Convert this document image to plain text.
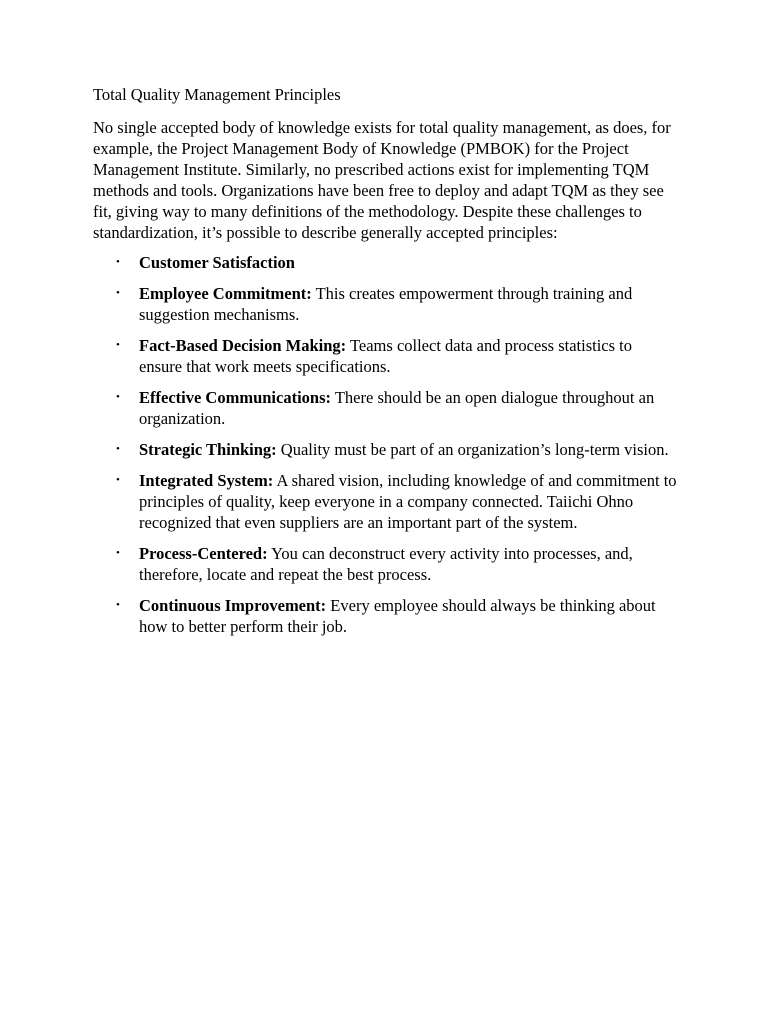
Total Quality Management Principles

No single accepted body of knowledge exists for total quality management, as does, for example, the Project Management Body of Knowledge (PMBOK) for the Project Management Institute. Similarly, no prescribed actions exist for implementing TQM methods and tools. Organizations have been free to deploy and adapt TQM as they see fit, giving way to many definitions of the methodology. Despite these challenges to standardization, it’s possible to describe generally accepted principles:

• Customer Satisfaction
• Employee Commitment: This creates empowerment through training and suggestion mechanisms.
• Fact-Based Decision Making: Teams collect data and process statistics to ensure that work meets specifications.
• Effective Communications: There should be an open dialogue throughout an organization.
• Strategic Thinking: Quality must be part of an organization’s long-term vision.
• Integrated System: A shared vision, including knowledge of and commitment to principles of quality, keep everyone in a company connected. Taiichi Ohno recognized that even suppliers are an important part of the system.
• Process-Centered: You can deconstruct every activity into processes, and, therefore, locate and repeat the best process.
• Continuous Improvement: Every employee should always be thinking about how to better perform their job.
